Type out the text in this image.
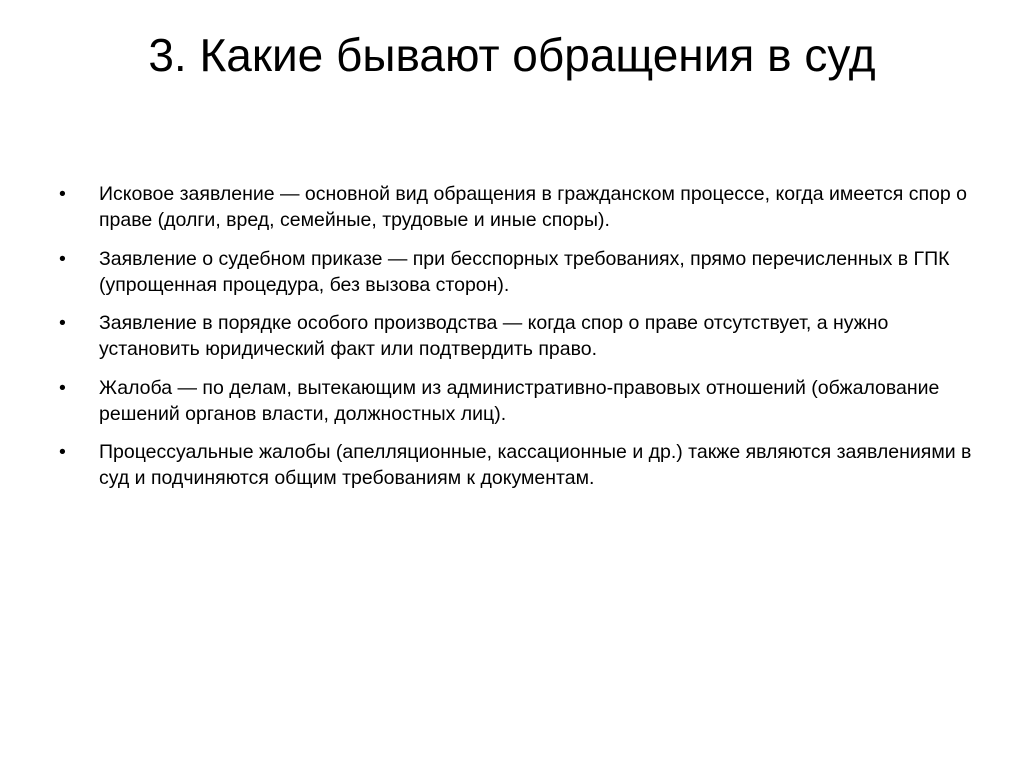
3. Какие бывают обращения в суд
• Исковое заявление — основной вид обращения в гражданском процессе, когда имеется спор о праве (долги, вред, семейные, трудовые и иные споры).
• Заявление о судебном приказе — при бесспорных требованиях, прямо перечисленных в ГПК (упрощенная процедура, без вызова сторон).
• Заявление в порядке особого производства — когда спор о праве отсутствует, а нужно установить юридический факт или подтвердить право.
• Жалоба — по делам, вытекающим из административно-правовых отношений (обжалование решений органов власти, должностных лиц).
• Процессуальные жалобы (апелляционные, кассационные и др.) также являются заявлениями в суд и подчиняются общим требованиям к документам.
